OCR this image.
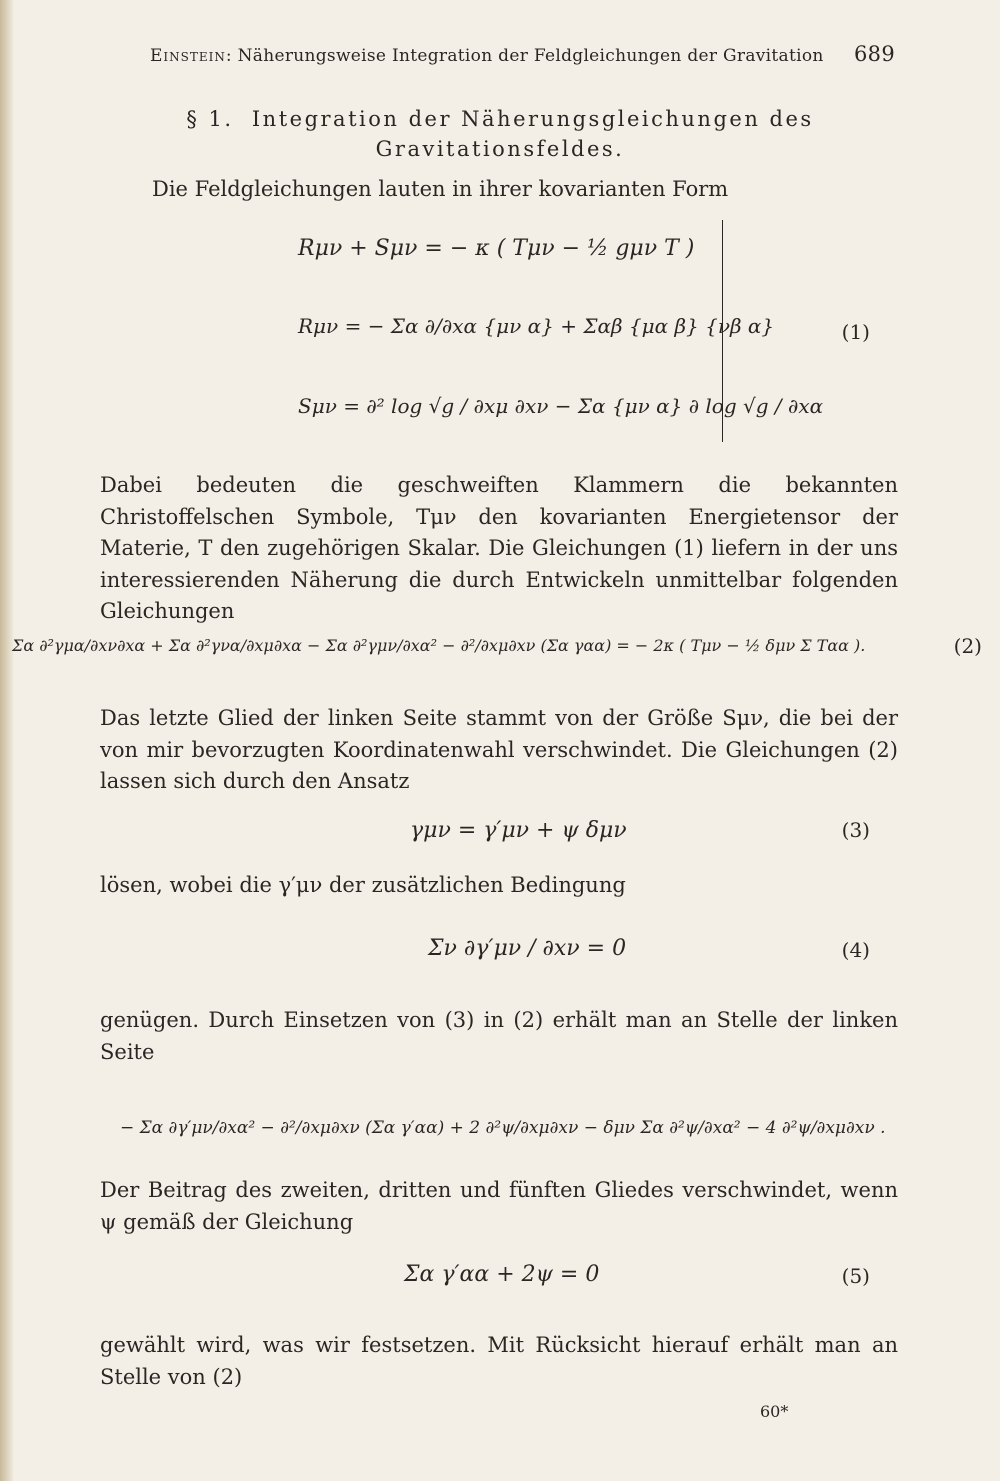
Einstein: Näherungsweise Integration der Feldgleichungen der Gravitation 689
§ 1. Integration der Näherungsgleichungen des
Gravitationsfeldes.
Die Feldgleichungen lauten in ihrer kovarianten Form
Rμν + Sμν = − κ ( Tμν − ½ gμν T )
Rμν = − Σα ∂/∂xα {μν α} + Σαβ {μα β} {νβ α}
Sμν = ∂² log √g / ∂xμ ∂xν − Σα {μν α} ∂ log √g / ∂xα
(1)
Dabei bedeuten die geschweiften Klammern die bekannten Christoffelschen Symbole, Tμν den kovarianten Energietensor der Materie, T den zugehörigen Skalar. Die Gleichungen (1) liefern in der uns interessierenden Näherung die durch Entwickeln unmittelbar folgenden Gleichungen
Σα ∂²γμα/∂xν∂xα + Σα ∂²γνα/∂xμ∂xα − Σα ∂²γμν/∂xα² − ∂²/∂xμ∂xν (Σα γαα) = − 2κ ( Tμν − ½ δμν Σ Tαα ).	(2)
Das letzte Glied der linken Seite stammt von der Größe Sμν, die bei der von mir bevorzugten Koordinatenwahl verschwindet. Die Gleichungen (2) lassen sich durch den Ansatz
γμν = γ′μν + ψ δμν	(3)
lösen, wobei die γ′μν der zusätzlichen Bedingung
Σν ∂γ′μν / ∂xν = 0	(4)
genügen. Durch Einsetzen von (3) in (2) erhält man an Stelle der linken Seite
− Σα ∂γ′μν/∂xα² − ∂²/∂xμ∂xν (Σα γ′αα) + 2 ∂²ψ/∂xμ∂xν − δμν Σα ∂²ψ/∂xα² − 4 ∂²ψ/∂xμ∂xν .
Der Beitrag des zweiten, dritten und fünften Gliedes verschwindet, wenn ψ gemäß der Gleichung
Σα γ′αα + 2ψ = 0	(5)
gewählt wird, was wir festsetzen. Mit Rücksicht hierauf erhält man an Stelle von (2)
60*
